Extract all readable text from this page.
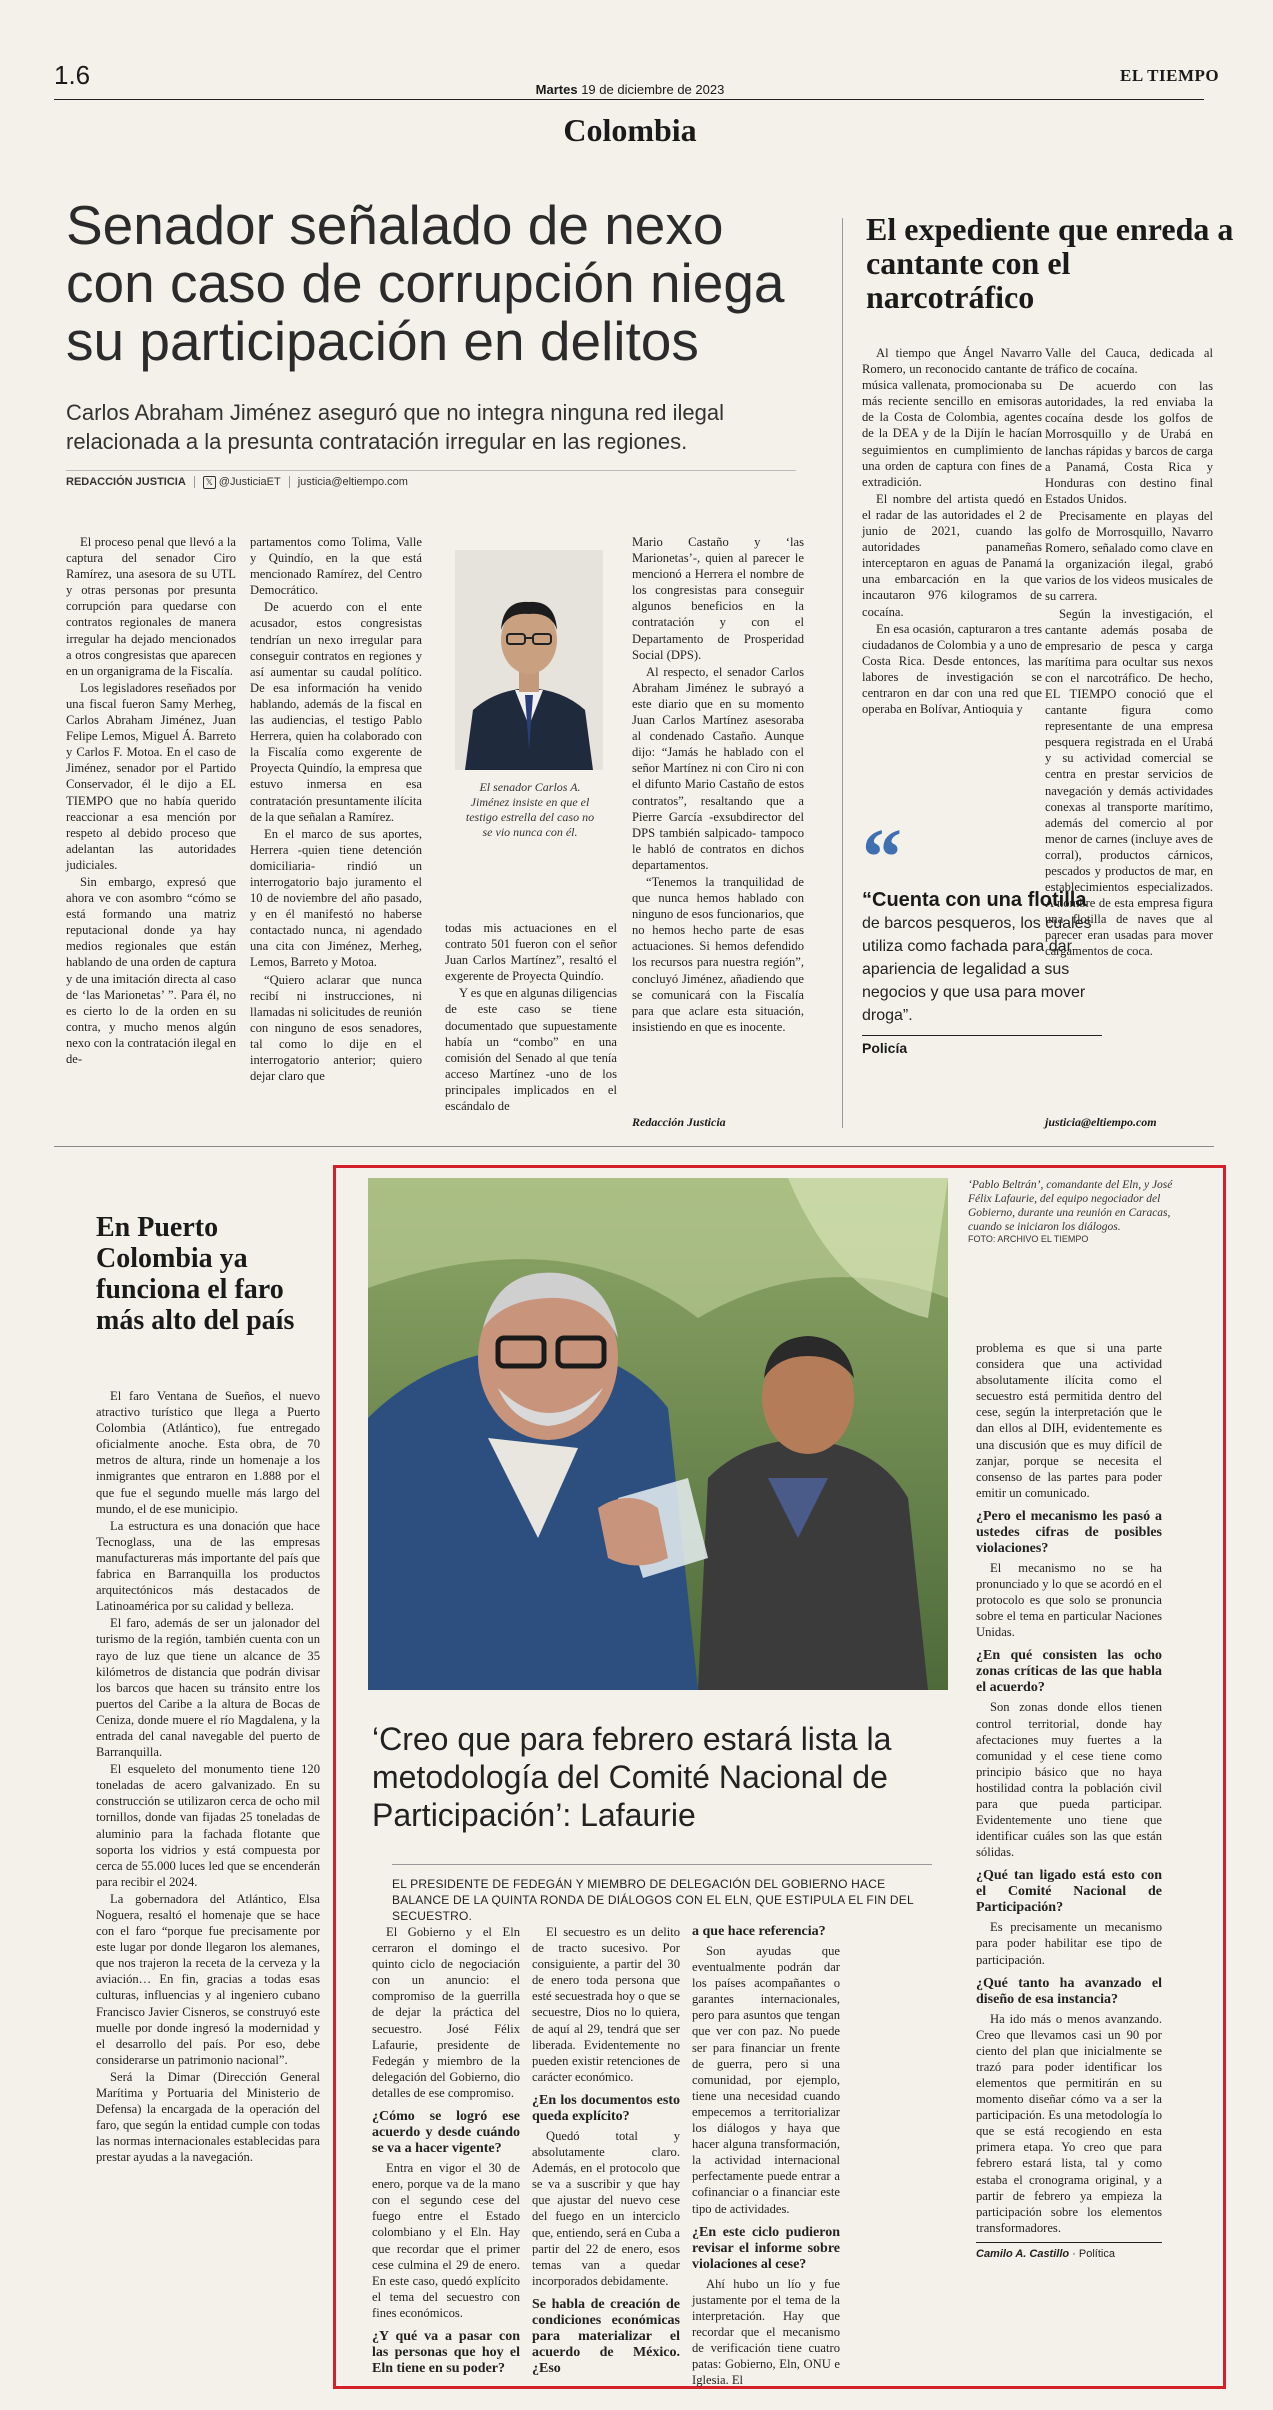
1.6	Martes 19 de diciembre de 2023
EL TIEMPO
Colombia
Senador señalado de nexo con caso de corrupción niega su participación en delitos
Carlos Abraham Jiménez aseguró que no integra ninguna red ilegal relacionada a la presunta contratación irregular en las regiones.
REDACCIÓN JUSTICIA 𝕏 @JusticiaET justicia@eltiempo.com

El proceso penal que llevó a la captura del senador Ciro Ramírez, una asesora de su UTL y otras personas por presunta corrupción para quedarse con contratos regionales de manera irregular ha dejado mencionados a otros congresistas que aparecen en un organigrama de la Fiscalía.

Los legisladores reseñados por una fiscal fueron Samy Merheg, Carlos Abraham Jiménez, Juan Felipe Lemos, Miguel Á. Barreto y Carlos F. Motoa. En el caso de Jiménez, senador por el Partido Conservador, él le dijo a EL TIEMPO que no había querido reaccionar a esa mención por respeto al debido proceso que adelantan las autoridades judiciales.

Sin embargo, expresó que ahora ve con asombro “cómo se está formando una matriz reputacional donde ya hay medios regionales que están hablando de una orden de captura y de una imitación directa al caso de ‘las Marionetas’ ”. Para él, no es cierto lo de la orden en su contra, y mucho menos algún nexo con la contratación ilegal en de-

partamentos como Tolima, Valle y Quindío, en la que está mencionado Ramírez, del Centro Democrático.

De acuerdo con el ente acusador, estos congresistas tendrían un nexo irregular para conseguir contratos en regiones y así aumentar su caudal político. De esa información ha venido hablando, además de la fiscal en las audiencias, el testigo Pablo Herrera, quien ha colaborado con la Fiscalía como exgerente de Proyecta Quindío, la empresa que estuvo inmersa en esa contratación presuntamente ilícita de la que señalan a Ramírez.

En el marco de sus aportes, Herrera -quien tiene detención domiciliaria- rindió un interrogatorio bajo juramento el 10 de noviembre del año pasado, y en él manifestó no haberse contactado nunca, ni agendado una cita con Jiménez, Merheg, Lemos, Barreto y Motoa.

“Quiero aclarar que nunca recibí ni instrucciones, ni llamadas ni solicitudes de reunión con ninguno de esos senadores, tal como lo dije en el interrogatorio anterior; quiero dejar claro que

El senador Carlos A. Jiménez insiste en que el testigo estrella del caso no se vio nunca con él.

todas mis actuaciones en el contrato 501 fueron con el señor Juan Carlos Martínez”, resaltó el exgerente de Proyecta Quindío.

Y es que en algunas diligencias de este caso se tiene documentado que supuestamente había un “combo” en una comisión del Senado al que tenía acceso Martínez -uno de los principales implicados en el escándalo de

Mario Castaño y ‘las Marionetas’-, quien al parecer le mencionó a Herrera el nombre de los congresistas para conseguir algunos beneficios en la contratación y con el Departamento de Prosperidad Social (DPS).

Al respecto, el senador Carlos Abraham Jiménez le subrayó a este diario que en su momento Juan Carlos Martínez asesoraba al condenado Castaño. Aunque dijo: “Jamás he hablado con el señor Martínez ni con Ciro ni con el difunto Mario Castaño de estos contratos”, resaltando que a Pierre García -exsubdirector del DPS también salpicado- tampoco le habló de contratos en dichos departamentos.

“Tenemos la tranquilidad de que nunca hemos hablado con ninguno de esos funcionarios, que no hemos hecho parte de esas actuaciones. Si hemos defendido los recursos para nuestra región”, concluyó Jiménez, añadiendo que se comunicará con la Fiscalía para que aclare esta situación, insistiendo en que es inocente.

Redacción Justicia
El expediente que enreda a cantante con el narcotráfico

Al tiempo que Ángel Navarro Romero, un reconocido cantante de música vallenata, promocionaba su más reciente sencillo en emisoras de la Costa de Colombia, agentes de la DEA y de la Dijín le hacían seguimientos en cumplimiento de una orden de captura con fines de extradición.

El nombre del artista quedó en el radar de las autoridades el 2 de junio de 2021, cuando las autoridades panameñas interceptaron en aguas de Panamá una embarcación en la que incautaron 976 kilogramos de cocaína.

En esa ocasión, capturaron a tres ciudadanos de Colombia y a uno de Costa Rica. Desde entonces, las labores de investigación se centraron en dar con una red que operaba en Bolívar, Antioquia y

Valle del Cauca, dedicada al tráfico de cocaína.

De acuerdo con las autoridades, la red enviaba la cocaína desde los golfos de Morrosquillo y de Urabá en lanchas rápidas y barcos de carga a Panamá, Costa Rica y Honduras con destino final Estados Unidos.

Precisamente en playas del golfo de Morrosquillo, Navarro Romero, señalado como clave en la organización ilegal, grabó varios de los videos musicales de su carrera.

Según la investigación, el cantante además posaba de empresario de pesca y carga marítima para ocultar sus nexos con el narcotráfico. De hecho, EL TIEMPO conoció que el cantante figura como representante de una empresa pesquera registrada en el Urabá y su actividad comercial se centra en prestar servicios de navegación y demás actividades conexas al transporte marítimo, además del comercio al por menor de carnes (incluye aves de corral), productos cárnicos, pescados y productos de mar, en establecimientos especializados. A nombre de esta empresa figura una flotilla de naves que al parecer eran usadas para mover cargamentos de coca.

“
“Cuenta con una flotilla
de barcos pesqueros, los cuales utiliza como fachada para dar apariencia de legalidad a sus negocios y que usa para mover droga”.
Policía
justicia@eltiempo.com
En Puerto Colombia ya funciona el faro más alto del país

El faro Ventana de Sueños, el nuevo atractivo turístico que llega a Puerto Colombia (Atlántico), fue entregado oficialmente anoche. Esta obra, de 70 metros de altura, rinde un homenaje a los inmigrantes que entraron en 1.888 por el que fue el segundo muelle más largo del mundo, el de ese municipio.

La estructura es una donación que hace Tecnoglass, una de las empresas manufactureras más importante del país que fabrica en Barranquilla los productos arquitectónicos más destacados de Latinoamérica por su calidad y belleza.

El faro, además de ser un jalonador del turismo de la región, también cuenta con un rayo de luz que tiene un alcance de 35 kilómetros de distancia que podrán divisar los barcos que hacen su tránsito entre los puertos del Caribe a la altura de Bocas de Ceniza, donde muere el río Magdalena, y la entrada del canal navegable del puerto de Barranquilla.

El esqueleto del monumento tiene 120 toneladas de acero galvanizado. En su construcción se utilizaron cerca de ocho mil tornillos, donde van fijadas 25 toneladas de aluminio para la fachada flotante que soporta los vidrios y está compuesta por cerca de 55.000 luces led que se encenderán para recibir el 2024.

La gobernadora del Atlántico, Elsa Noguera, resaltó el homenaje que se hace con el faro “porque fue precisamente por este lugar por donde llegaron los alemanes, que nos trajeron la receta de la cerveza y la aviación… En fin, gracias a todas esas culturas, influencias y al ingeniero cubano Francisco Javier Cisneros, se construyó este muelle por donde ingresó la modernidad y el desarrollo del país. Por eso, debe considerarse un patrimonio nacional”.

Será la Dimar (Dirección General Marítima y Portuaria del Ministerio de Defensa) la encargada de la operación del faro, que según la entidad cumple con todas las normas internacionales establecidas para prestar ayudas a la navegación.

‘Pablo Beltrán’, comandante del Eln, y José Félix Lafaurie, del equipo negociador del Gobierno, durante una reunión en Caracas, cuando se iniciaron los diálogos.
FOTO: ARCHIVO EL TIEMPO
‘Creo que para febrero estará lista la metodología del Comité Nacional de Participación’: Lafaurie
EL PRESIDENTE DE FEDEGÁN Y MIEMBRO DE DELEGACIÓN DEL GOBIERNO HACE BALANCE DE LA QUINTA RONDA DE DIÁLOGOS CON EL ELN, QUE ESTIPULA EL FIN DEL SECUESTRO.

El Gobierno y el Eln cerraron el domingo el quinto ciclo de negociación con un anuncio: el compromiso de la guerrilla de dejar la práctica del secuestro. José Félix Lafaurie, presidente de Fedegán y miembro de la delegación del Gobierno, dio detalles de ese compromiso.

¿Cómo se logró ese acuerdo y desde cuándo se va a hacer vigente?

Entra en vigor el 30 de enero, porque va de la mano con el segundo cese del fuego entre el Estado colombiano y el Eln. Hay que recordar que el primer cese culmina el 29 de enero. En este caso, quedó explícito el tema del secuestro con fines económicos.

¿Y qué va a pasar con las personas que hoy el Eln tiene en su poder?

El secuestro es un delito de tracto sucesivo. Por consiguiente, a partir del 30 de enero toda persona que esté secuestrada hoy o que se secuestre, Dios no lo quiera, de aquí al 29, tendrá que ser liberada. Evidentemente no pueden existir retenciones de carácter económico.

¿En los documentos esto queda explícito?

Quedó total y absolutamente claro. Además, en el protocolo que se va a suscribir y que hay que ajustar del nuevo cese del fuego en un interciclo que, entiendo, será en Cuba a partir del 22 de enero, esos temas van a quedar incorporados debidamente.

Se habla de creación de condiciones económicas para materializar el acuerdo de México. ¿Eso
a que hace referencia?

Son ayudas que eventualmente podrán dar los países acompañantes o garantes internacionales, pero para asuntos que tengan que ver con paz. No puede ser para financiar un frente de guerra, pero si una comunidad, por ejemplo, tiene una necesidad cuando empecemos a territorializar los diálogos y haya que hacer alguna transformación, la actividad internacional perfectamente puede entrar a cofinanciar o a financiar este tipo de actividades.

¿En este ciclo pudieron revisar el informe sobre violaciones al cese?

Ahí hubo un lío y fue justamente por el tema de la interpretación. Hay que recordar que el mecanismo de verificación tiene cuatro patas: Gobierno, Eln, ONU e Iglesia. El

problema es que si una parte considera que una actividad absolutamente ilícita como el secuestro está permitida dentro del cese, según la interpretación que le dan ellos al DIH, evidentemente es una discusión que es muy difícil de zanjar, porque se necesita el consenso de las partes para poder emitir un comunicado.

¿Pero el mecanismo les pasó a ustedes cifras de posibles violaciones?

El mecanismo no se ha pronunciado y lo que se acordó en el protocolo es que solo se pronuncia sobre el tema en particular Naciones Unidas.

¿En qué consisten las ocho zonas críticas de las que habla el acuerdo?

Son zonas donde ellos tienen control territorial, donde hay afectaciones muy fuertes a la comunidad y el cese tiene como principio básico que no haya hostilidad contra la población civil para que pueda participar. Evidentemente uno tiene que identificar cuáles son las que están sólidas.

¿Qué tan ligado está esto con el Comité Nacional de Participación?

Es precisamente un mecanismo para poder habilitar ese tipo de participación.

¿Qué tanto ha avanzado el diseño de esa instancia?

Ha ido más o menos avanzando. Creo que llevamos casi un 90 por ciento del plan que inicialmente se trazó para poder identificar los elementos que permitirán en su momento diseñar cómo va a ser la participación. Es una metodología lo que se está recogiendo en esta primera etapa. Yo creo que para febrero estará lista, tal y como estaba el cronograma original, y a partir de febrero ya empieza la participación sobre los elementos transformadores.

Camilo A. Castillo · Política
